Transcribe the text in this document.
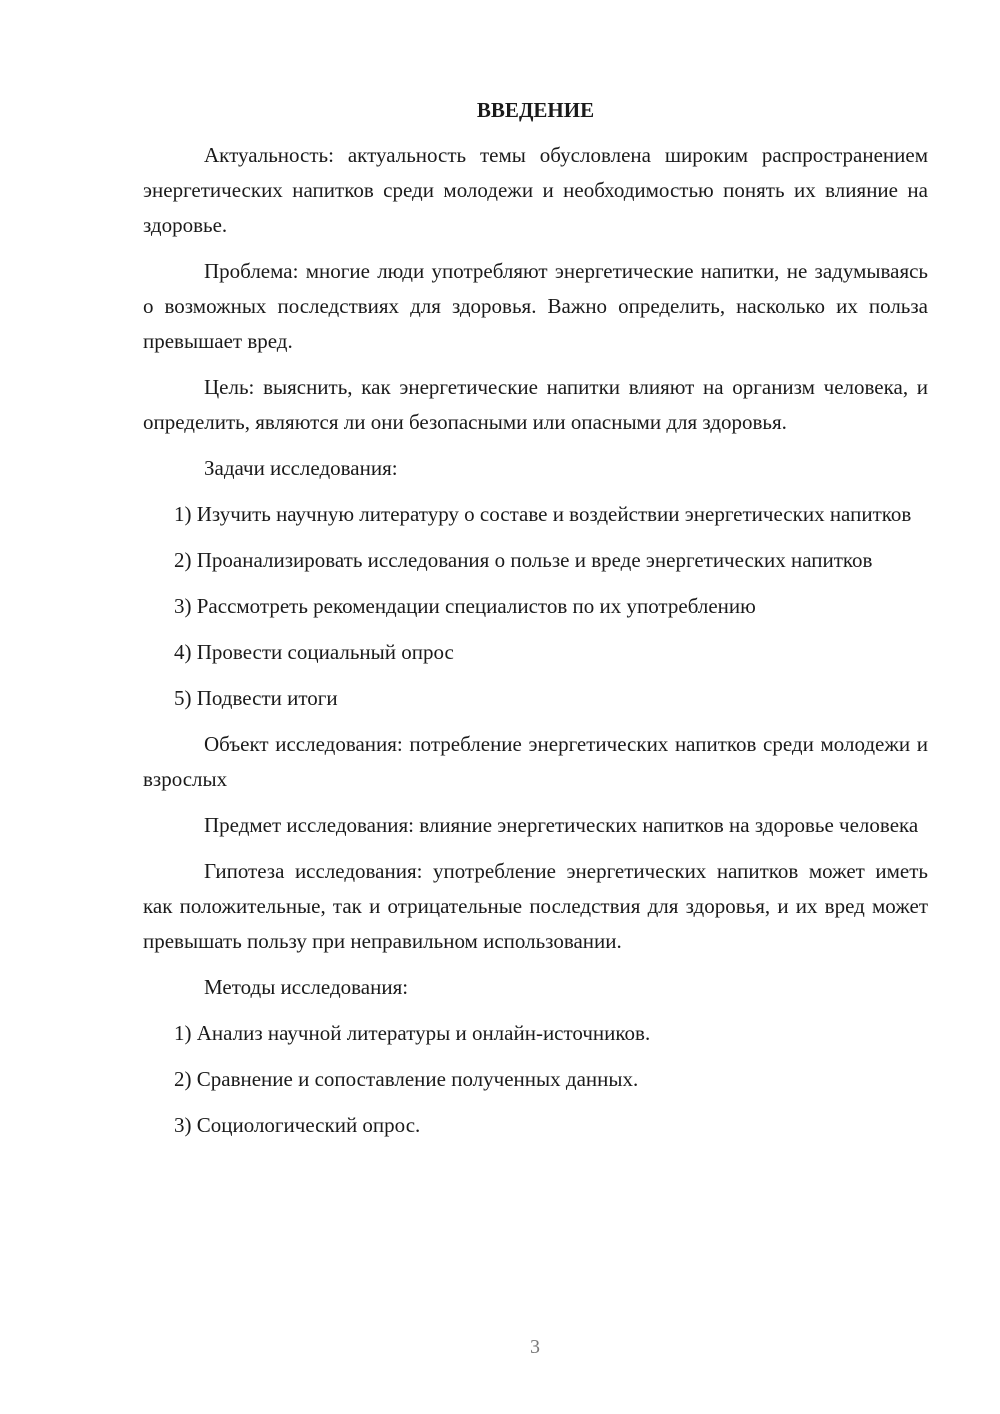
ВВЕДЕНИЕ

Актуальность: актуальность темы обусловлена широким распространением энергетических напитков среди молодежи и необходимостью понять их влияние на здоровье.

Проблема: многие люди употребляют энергетические напитки, не задумываясь о возможных последствиях для здоровья. Важно определить, насколько их польза превышает вред.

Цель: выяснить, как энергетические напитки влияют на организм человека, и определить, являются ли они безопасными или опасными для здоровья.

Задачи исследования:

1) Изучить научную литературу о составе и воздействии энергетических напитков

2) Проанализировать исследования о пользе и вреде энергетических напитков

3) Рассмотреть рекомендации специалистов по их употреблению

4) Провести социальный опрос

5) Подвести итоги

Объект исследования: потребление энергетических напитков среди молодежи и взрослых

Предмет исследования: влияние энергетических напитков на здоровье человека

Гипотеза исследования: употребление энергетических напитков может иметь как положительные, так и отрицательные последствия для здоровья, и их вред может превышать пользу при неправильном использовании.

Методы исследования:

1) Анализ научной литературы и онлайн-источников.

2) Сравнение и сопоставление полученных данных.

3) Социологический опрос.

3
